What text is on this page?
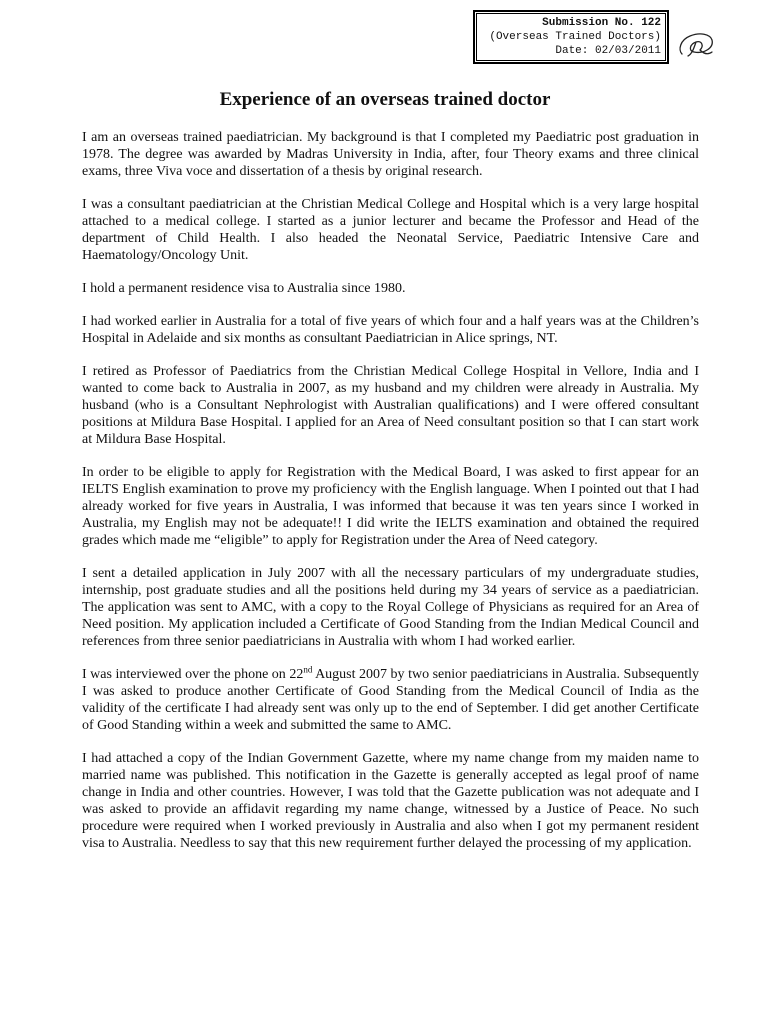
Submission No. 122
(Overseas Trained Doctors)
Date: 02/03/2011
Experience of an overseas trained doctor

I am an overseas trained paediatrician. My background is that I completed my Paediatric post graduation in 1978. The degree was awarded by Madras University in India, after, four Theory exams and three clinical exams, three Viva voce and dissertation of a thesis by original research.

I was a consultant paediatrician at the Christian Medical College and Hospital which is a very large hospital attached to a medical college. I started as a junior lecturer and became the Professor and Head of the department of Child Health. I also headed the Neonatal Service, Paediatric Intensive Care and Haematology/Oncology Unit.

I hold a permanent residence visa to Australia since 1980.

I had worked earlier in Australia for a total of five years of which four and a half years was at the Children’s Hospital in Adelaide and six months as consultant Paediatrician in Alice springs, NT.

I retired as Professor of Paediatrics from the Christian Medical College Hospital in Vellore, India and I wanted to come back to Australia in 2007, as my husband and my children were already in Australia. My husband (who is a Consultant Nephrologist with Australian qualifications) and I were offered consultant positions at Mildura Base Hospital. I applied for an Area of Need consultant position so that I can start work at Mildura Base Hospital.

In order to be eligible to apply for Registration with the Medical Board, I was asked to first appear for an IELTS English examination to prove my proficiency with the English language. When I pointed out that I had already worked for five years in Australia, I was informed that because it was ten years since I worked in Australia, my English may not be adequate!! I did write the IELTS examination and obtained the required grades which made me “eligible” to apply for Registration under the Area of Need category.

I sent a detailed application in July 2007 with all the necessary particulars of my undergraduate studies, internship, post graduate studies and all the positions held during my 34 years of service as a paediatrician. The application was sent to AMC, with a copy to the Royal College of Physicians as required for an Area of Need position. My application included a Certificate of Good Standing from the Indian Medical Council and references from three senior paediatricians in Australia with whom I had worked earlier.

I was interviewed over the phone on 22nd August 2007 by two senior paediatricians in Australia. Subsequently I was asked to produce another Certificate of Good Standing from the Medical Council of India as the validity of the certificate I had already sent was only up to the end of September. I did get another Certificate of Good Standing within a week and submitted the same to AMC.

I had attached a copy of the Indian Government Gazette, where my name change from my maiden name to married name was published. This notification in the Gazette is generally accepted as legal proof of name change in India and other countries. However, I was told that the Gazette publication was not adequate and I was asked to provide an affidavit regarding my name change, witnessed by a Justice of Peace. No such procedure were required when I worked previously in Australia and also when I got my permanent resident visa to Australia. Needless to say that this new requirement further delayed the processing of my application.
